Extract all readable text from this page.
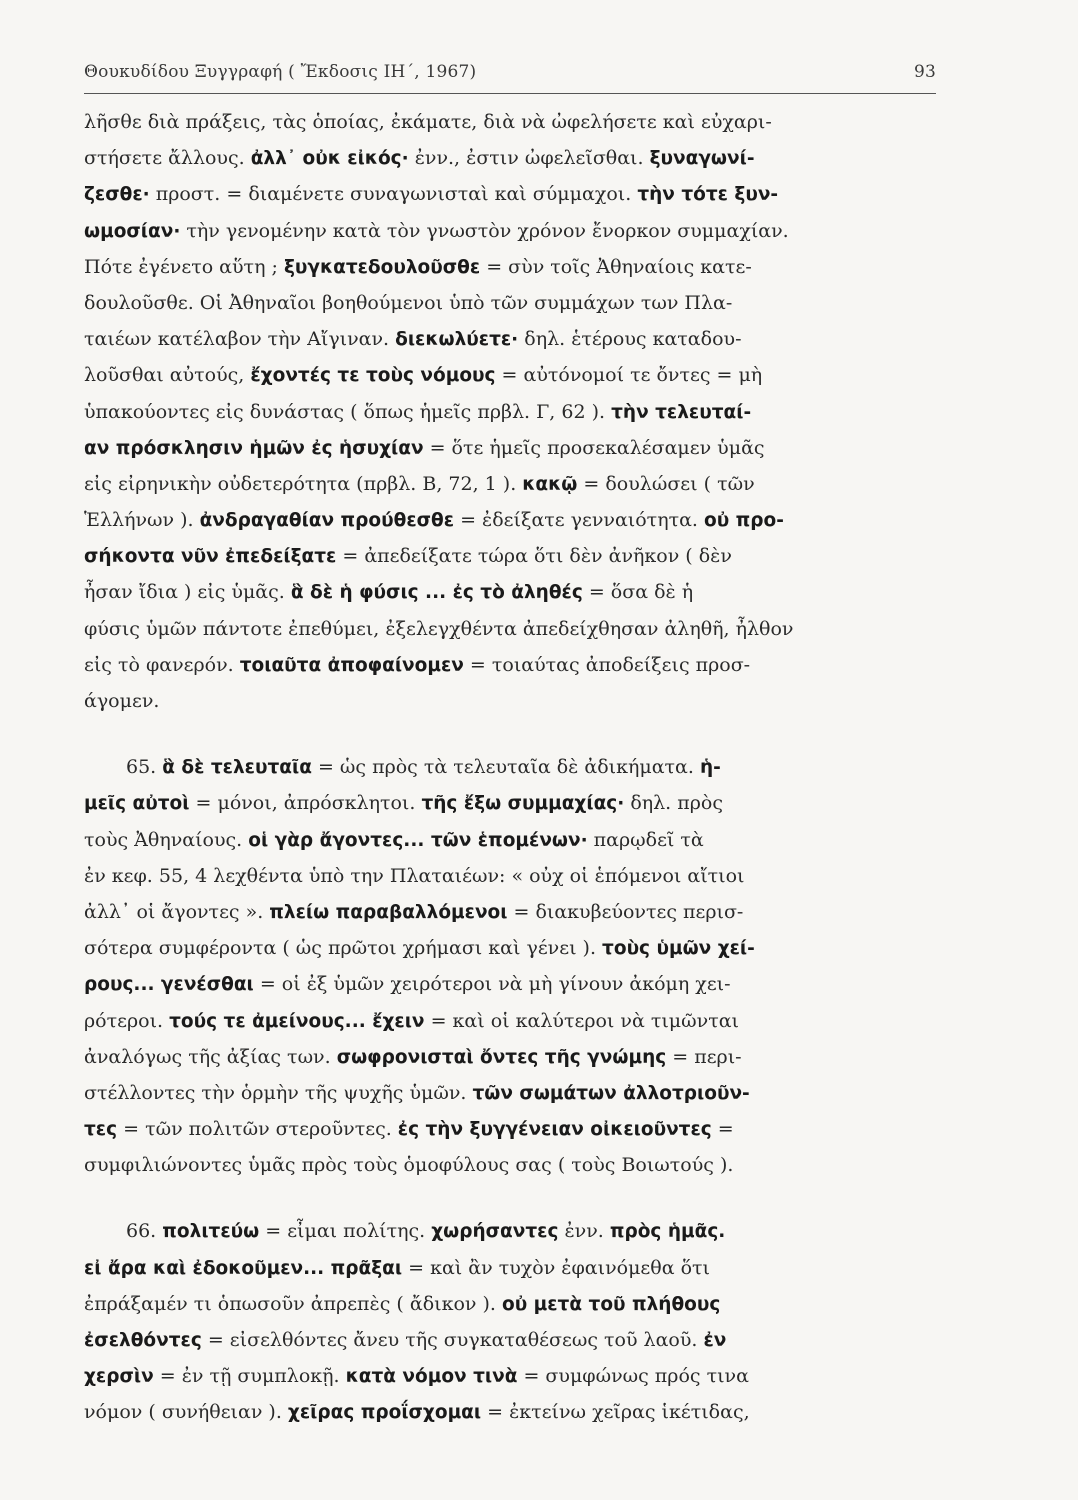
Θουκυδίδου Ξυγγραφή ( Ἔκδοσις ΙΗ΄, 1967)	93
λῆσθε διὰ πράξεις, τὰς ὁποίας, ἐκάματε, διὰ νὰ ὠφελήσετε καὶ εὐχαρι-
στήσετε ἄλλους. ἀλλ᾽ οὐκ εἰκός· ἐνν., ἐστιν ὠφελεῖσθαι. ξυναγωνί-
ζεσθε· προστ. = διαμένετε συναγωνισταὶ καὶ σύμμαχοι. τὴν τότε ξυν-
ωμοσίαν· τὴν γενομένην κατὰ τὸν γνωστὸν χρόνον ἔνορκον συμμαχίαν.
Πότε ἐγένετο αὕτη ; ξυγκατεδουλοῦσθε = σὺν τοῖς Ἀθηναίοις κατε-
δουλοῦσθε. Οἱ Ἀθηναῖοι βοηθούμενοι ὑπὸ τῶν συμμάχων των Πλα-
ταιέων κατέλαβον τὴν Αἴγιναν. διεκωλύετε· δηλ. ἑτέρους καταδου-
λοῦσθαι αὐτούς, ἔχοντές τε τοὺς νόμους = αὐτόνομοί τε ὄντες = μὴ
ὑπακούοντες εἰς δυνάστας ( ὅπως ἡμεῖς πρβλ. Γ, 62 ). τὴν τελευταί-
αν πρόσκλησιν ἡμῶν ἐς ἡσυχίαν = ὅτε ἡμεῖς προσεκαλέσαμεν ὑμᾶς
εἰς εἰρηνικὴν οὐδετερότητα (πρβλ. Β, 72, 1 ). κακῷ = δουλώσει ( τῶν
Ἑλλήνων ). ἀνδραγαθίαν προύθεσθε = ἐδείξατε γενναιότητα. οὐ προ-
σήκοντα νῦν ἐπεδείξατε = ἀπεδείξατε τώρα ὅτι δὲν ἀνῆκον ( δὲν
ἦσαν ἴδια ) εἰς ὑμᾶς. ἃ δὲ ἡ φύσις ... ἐς τὸ ἀληθές = ὅσα δὲ ἡ
φύσις ὑμῶν πάντοτε ἐπεθύμει, ἐξελεγχθέντα ἀπεδείχθησαν ἀληθῆ, ἦλθον
εἰς τὸ φανερόν. τοιαῦτα ἀποφαίνομεν = τοιαύτας ἀποδείξεις προσ-
άγομεν.
65. ἃ δὲ τελευταῖα = ὡς πρὸς τὰ τελευταῖα δὲ ἀδικήματα. ἡ-
μεῖς αὐτοὶ = μόνοι, ἀπρόσκλητοι. τῆς ἔξω συμμαχίας· δηλ. πρὸς
τοὺς Ἀθηναίους. οἱ γὰρ ἄγοντες... τῶν ἑπομένων· παρῳδεῖ τὰ
ἐν κεφ. 55, 4 λεχθέντα ὑπὸ την Πλαταιέων: « οὐχ οἱ ἑπόμενοι αἴτιοι
ἀλλ᾽ οἱ ἄγοντες ». πλείω παραβαλλόμενοι = διακυβεύοντες περισ-
σότερα συμφέροντα ( ὡς πρῶτοι χρήμασι καὶ γένει ). τοὺς ὑμῶν χεί-
ρους... γενέσθαι = οἱ ἐξ ὑμῶν χειρότεροι νὰ μὴ γίνουν ἀκόμη χει-
ρότεροι. τούς τε ἀμείνους... ἔχειν = καὶ οἱ καλύτεροι νὰ τιμῶνται
ἀναλόγως τῆς ἀξίας των. σωφρονισταὶ ὄντες τῆς γνώμης = περι-
στέλλοντες τὴν ὁρμὴν τῆς ψυχῆς ὑμῶν. τῶν σωμάτων ἀλλοτριοῦν-
τες = τῶν πολιτῶν στεροῦντες. ἐς τὴν ξυγγένειαν οἰκειοῦντες =
συμφιλιώνοντες ὑμᾶς πρὸς τοὺς ὁμοφύλους σας ( τοὺς Βοιωτούς ).
66. πολιτεύω = εἶμαι πολίτης. χωρήσαντες ἐνν. πρὸς ἡμᾶς.
εἰ ἄρα καὶ ἐδοκοῦμεν... πρᾶξαι = καὶ ἂν τυχὸν ἐφαινόμεθα ὅτι
ἐπράξαμέν τι ὁπωσοῦν ἀπρεπὲς ( ἄδικον ). οὐ μετὰ τοῦ πλήθους
ἐσελθόντες = εἰσελθόντες ἄνευ τῆς συγκαταθέσεως τοῦ λαοῦ. ἐν
χερσὶν = ἐν τῇ συμπλοκῇ. κατὰ νόμον τινὰ = συμφώνως πρός τινα
νόμον ( συνήθειαν ). χεῖρας προΐσχομαι = ἐκτείνω χεῖρας ἱκέτιδας,
